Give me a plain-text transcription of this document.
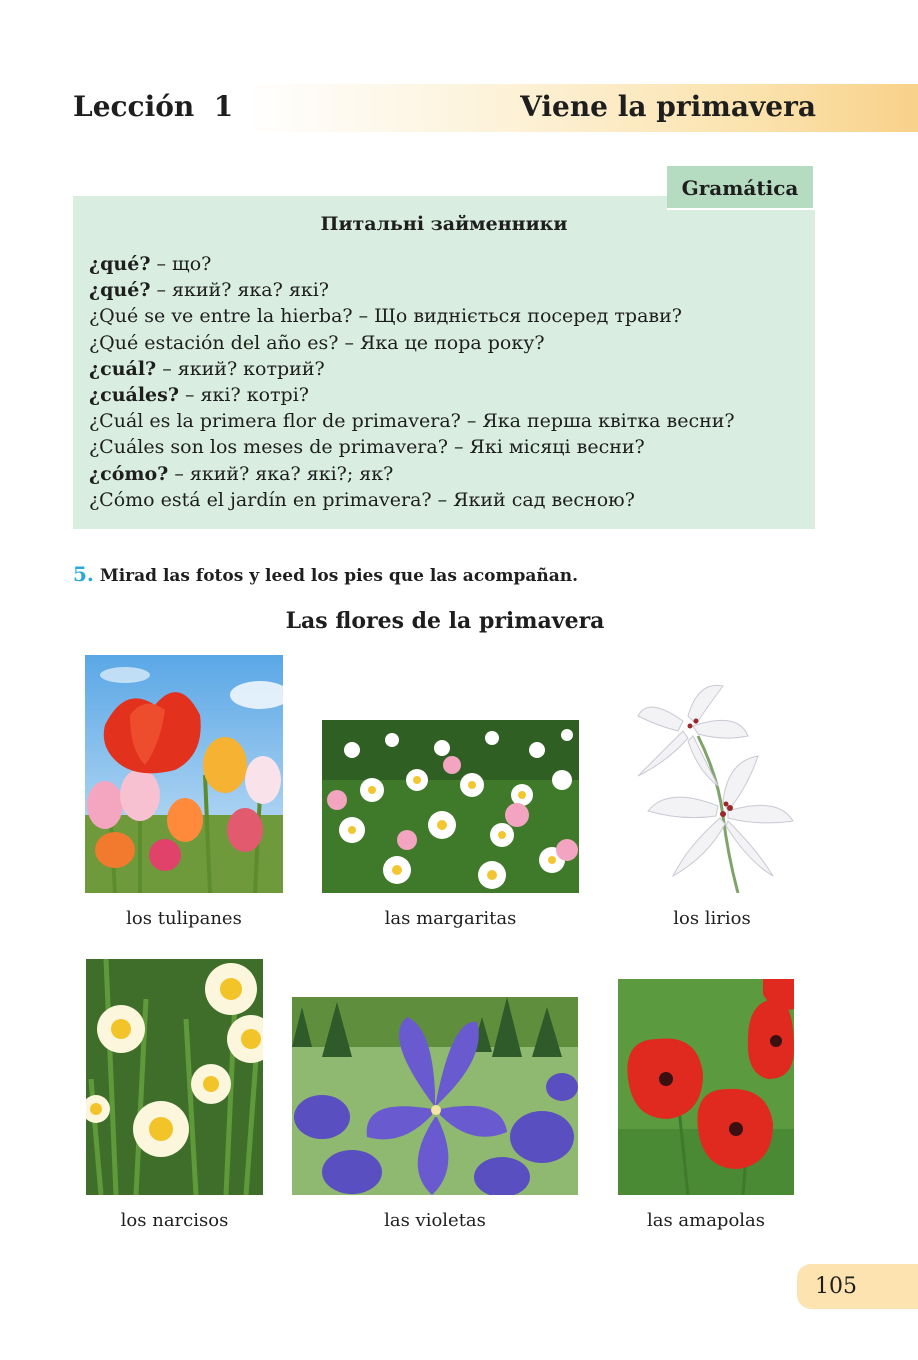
Lección  1	Viene la primavera
Gramática
Питальні займенники
¿qué? – що?
¿qué? – який? яка? які?
¿Qué se ve entre la hierba? – Що видніється посеред трави?
¿Qué estación del año es? – Яка це пора року?
¿cuál? – який? котрий?
¿cuáles? – які? котрі?
¿Cuál es la primera flor de primavera? – Яка перша квітка весни?
¿Cuáles son los meses de primavera? – Які місяці весни?
¿cómo? – який? яка? які?; як?
¿Cómo está el jardín en primavera? – Який сад весною?
5. Mirad las fotos y leed los pies que las acompañan.
Las flores de la primavera
los tulipanes	las margaritas	los lirios
los narcisos	las violetas	las amapolas
105
